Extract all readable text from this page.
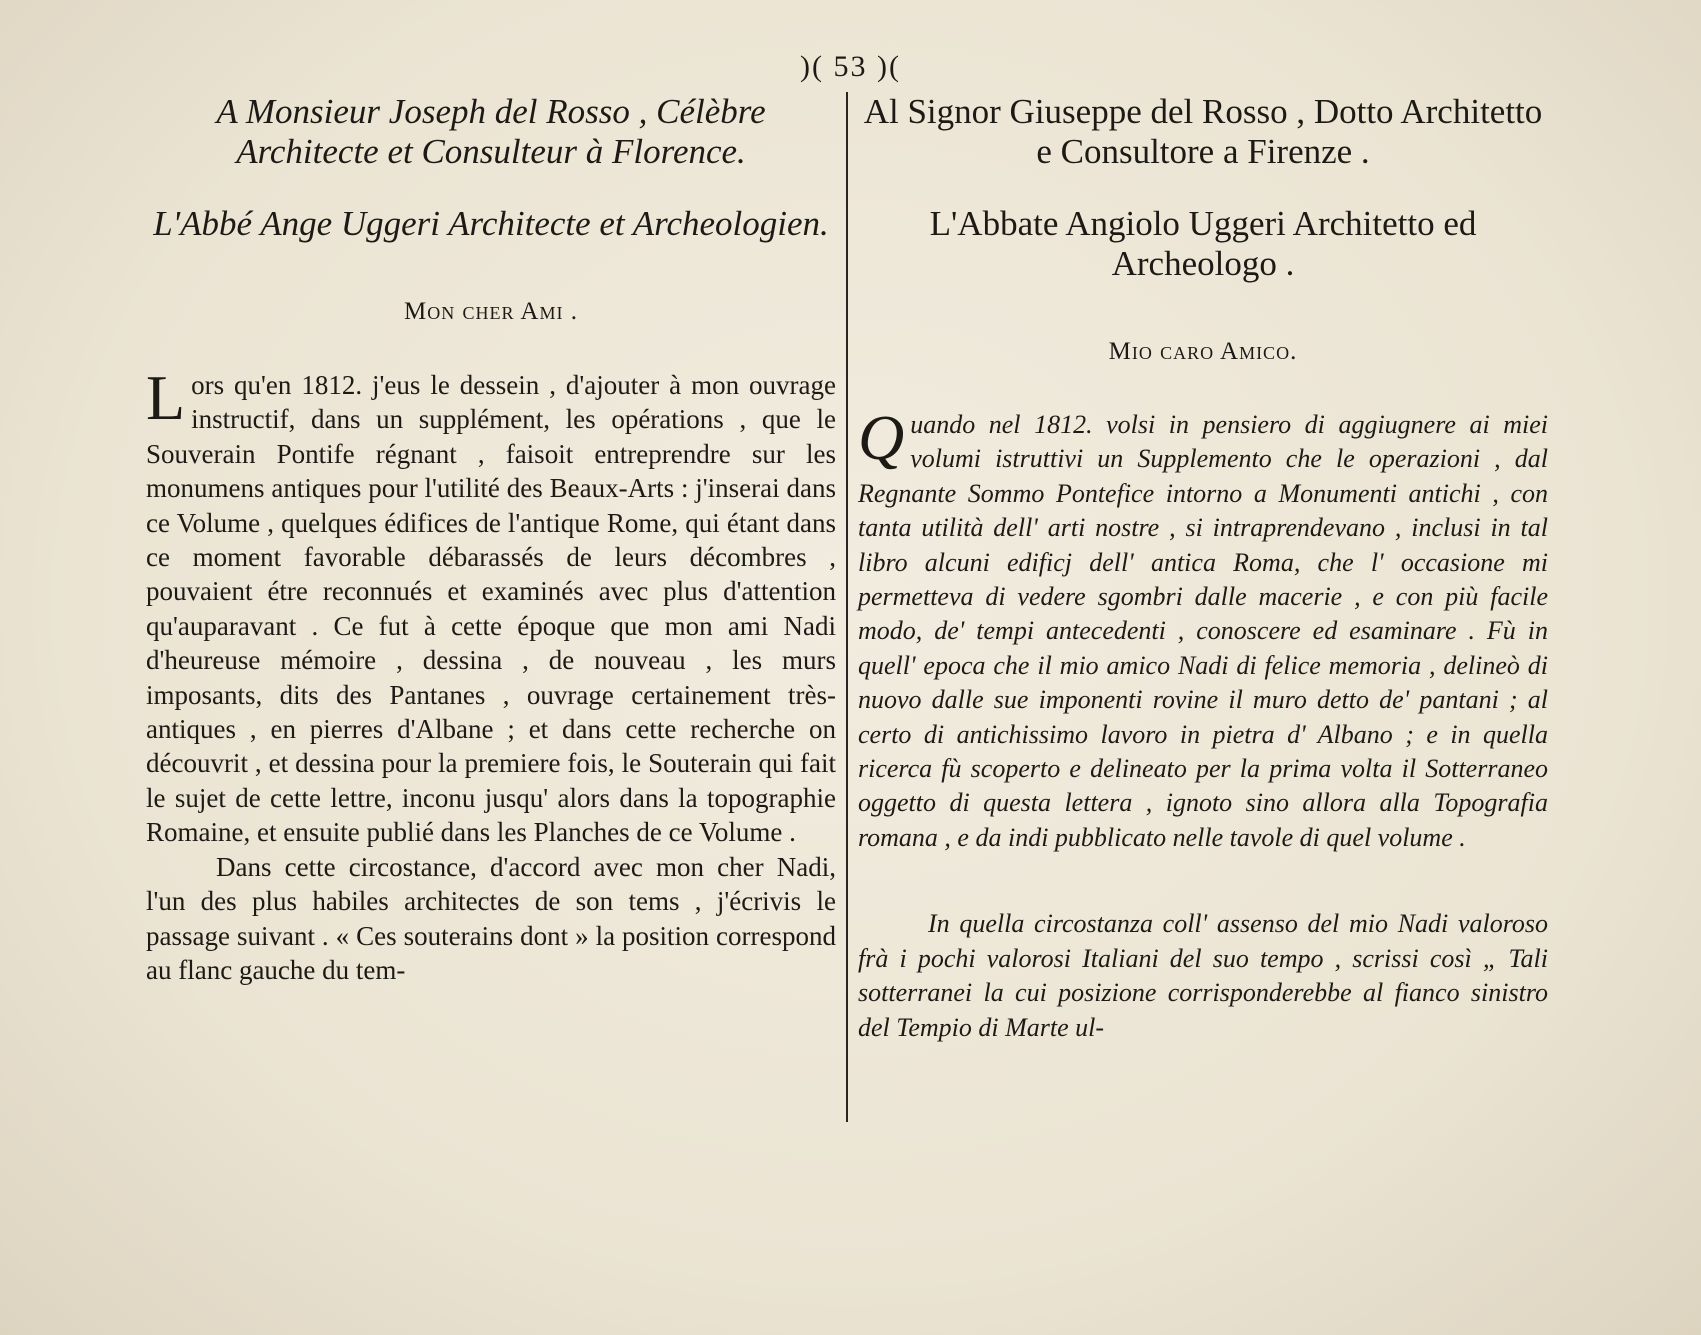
)( 53 )(

A Monsieur Joseph del Rosso , Célèbre Architecte et Consulteur à Florence.

L'Abbé Ange Uggeri Architecte et Archeologien.

Mon cher Ami .

Lors qu'en 1812. j'eus le dessein , d'ajouter à mon ouvrage instructif, dans un supplément, les opérations , que le Souverain Pontife régnant , faisoit entreprendre sur les monumens antiques pour l'utilité des Beaux-Arts : j'inserai dans ce Volume , quelques édifices de l'antique Rome, qui étant dans ce moment favorable débarassés de leurs décombres , pouvaient étre reconnués et examinés avec plus d'attention qu'auparavant . Ce fut à cette époque que mon ami Nadi d'heureuse mémoire , dessina , de nouveau , les murs imposants, dits des Pantanes , ouvrage certainement très-antiques , en pierres d'Albane ; et dans cette recherche on découvrit , et dessina pour la premiere fois, le Souterain qui fait le sujet de cette lettre, inconu jusqu' alors dans la topographie Romaine, et ensuite publié dans les Planches de ce Volume .

Dans cette circostance, d'accord avec mon cher Nadi, l'un des plus habiles architectes de son tems , j'écrivis le passage suivant . « Ces souterains dont » la position correspond au flanc gauche du tem-

Al Signor Giuseppe del Rosso , Dotto Architetto e Consultore a Firenze .

L'Abbate Angiolo Uggeri Architetto ed Archeologo .

Mio caro Amico.

Quando nel 1812. volsi in pensiero di aggiugnere ai miei volumi istruttivi un Supplemento che le operazioni , dal Regnante Sommo Pontefice intorno a Monumenti antichi , con tanta utilità dell' arti nostre , si intraprendevano , inclusi in tal libro alcuni edificj dell' antica Roma, che l' occasione mi permetteva di vedere sgombri dalle macerie , e con più facile modo, de' tempi antecedenti , conoscere ed esaminare . Fù in quell' epoca che il mio amico Nadi di felice memoria , delineò di nuovo dalle sue imponenti rovine il muro detto de' pantani ; al certo di antichissimo lavoro in pietra d' Albano ; e in quella ricerca fù scoperto e delineato per la prima volta il Sotterraneo oggetto di questa lettera , ignoto sino allora alla Topografia romana , e da indi pubblicato nelle tavole di quel volume .

In quella circostanza coll' assenso del mio Nadi valoroso frà i pochi valorosi Italiani del suo tempo , scrissi così „ Tali sotterranei la cui posizione corrisponderebbe al fianco sinistro del Tempio di Marte ul-
